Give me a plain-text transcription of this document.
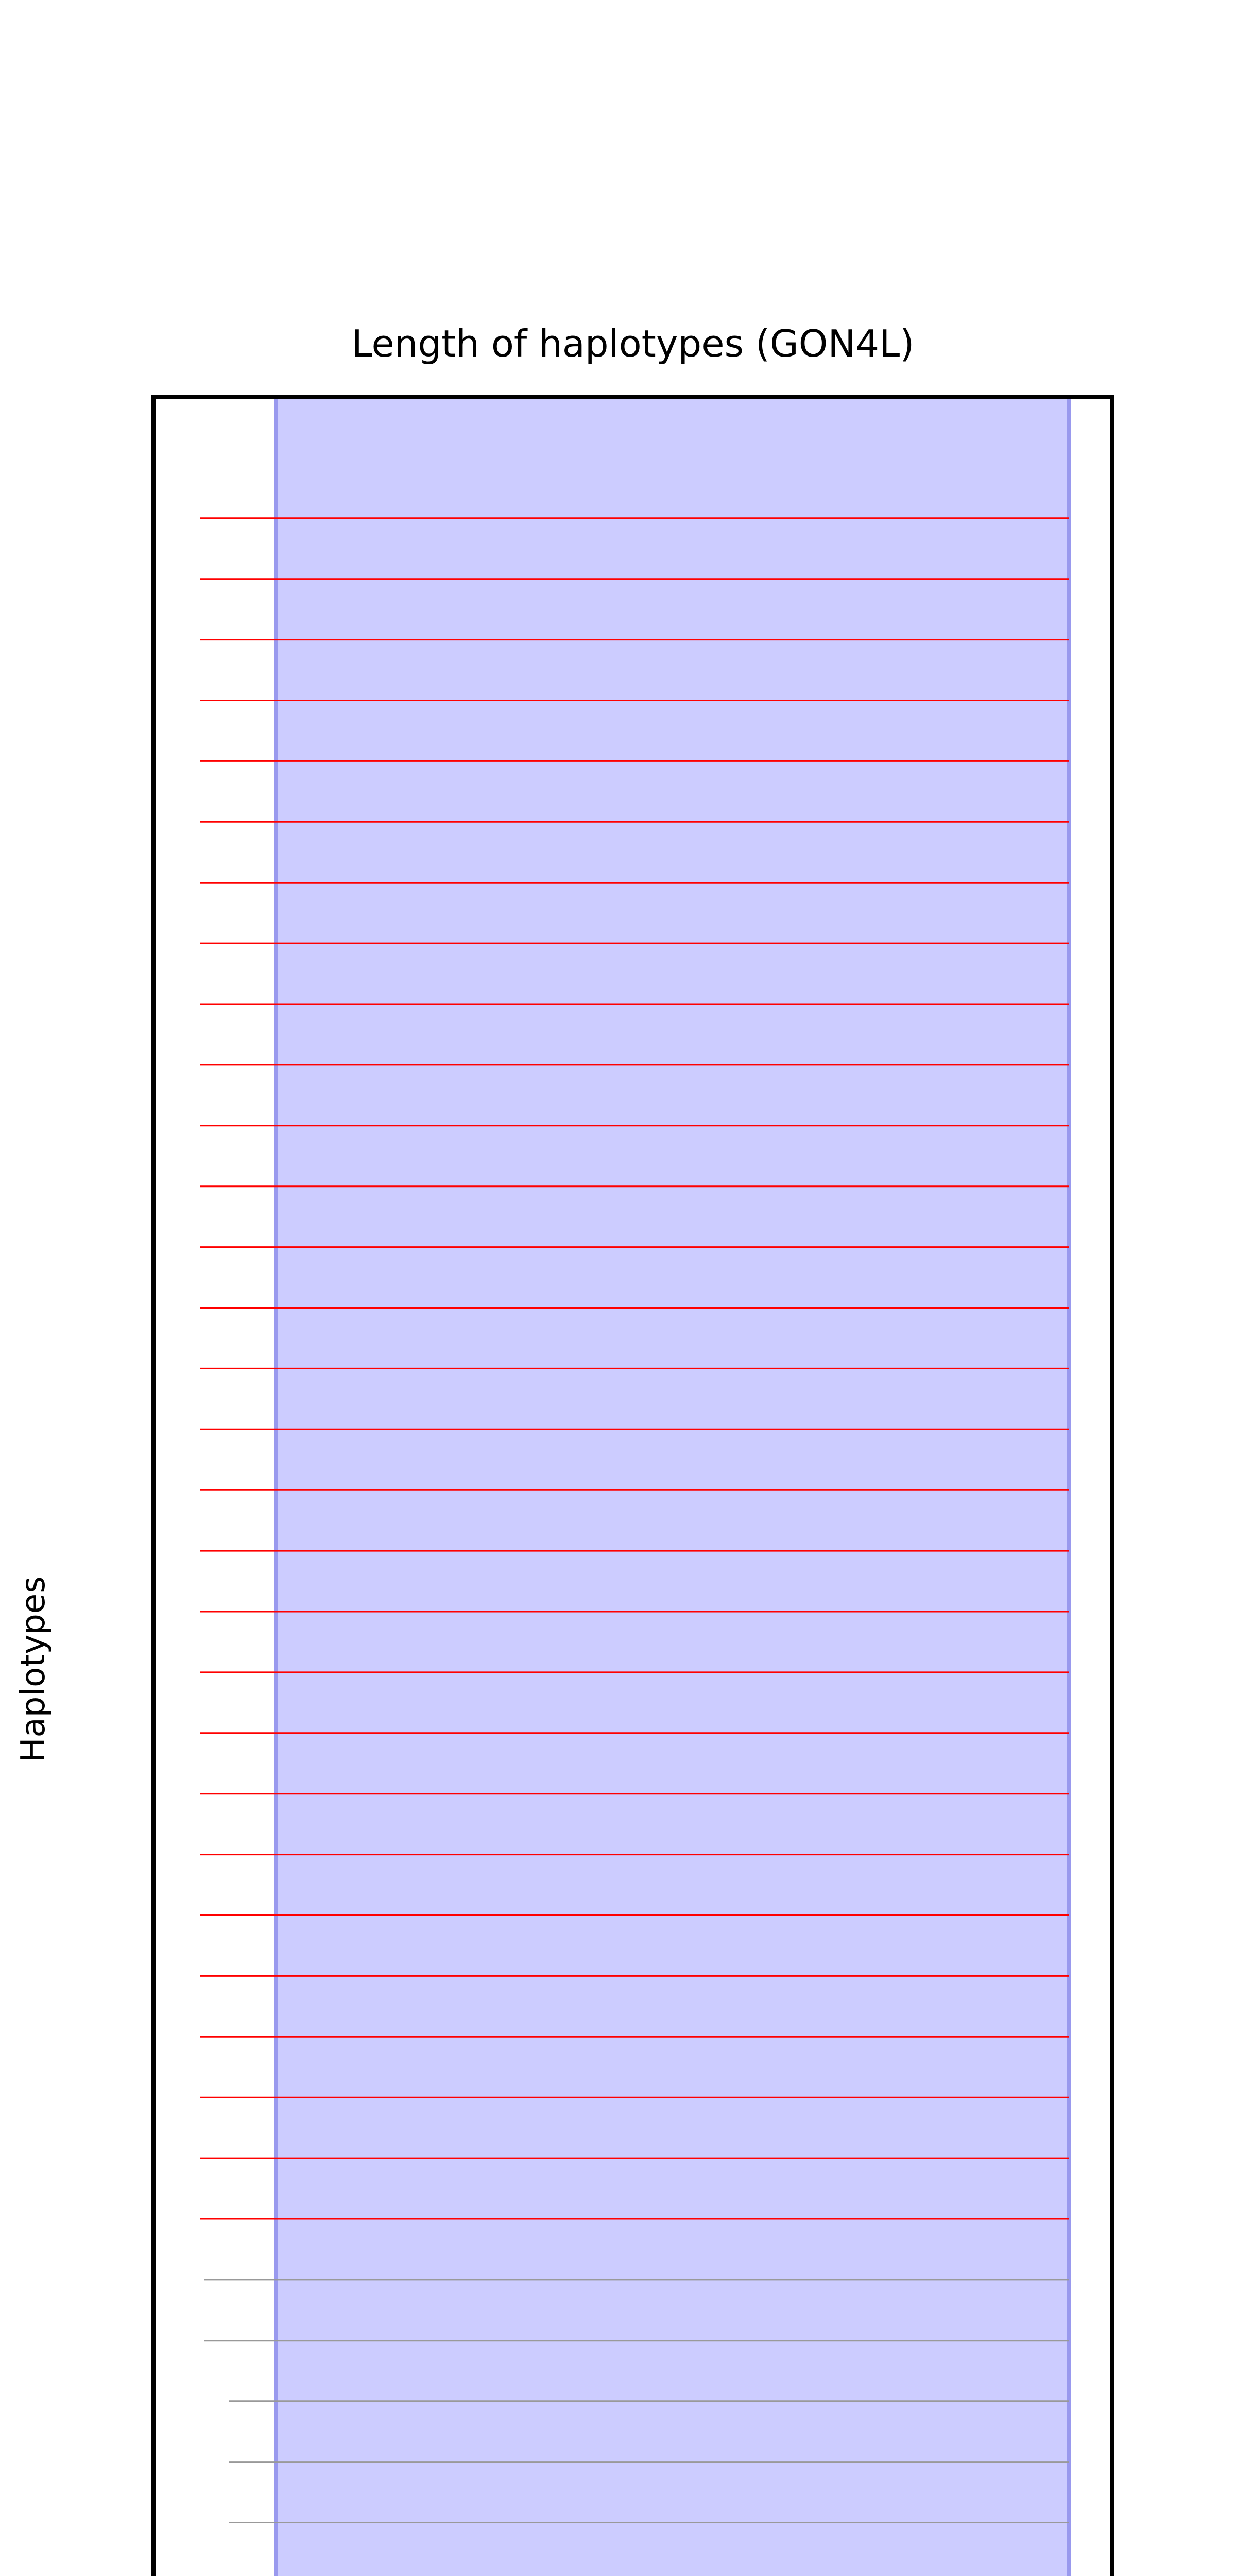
Length of haplotypes (GON4L)
Haplotypes
